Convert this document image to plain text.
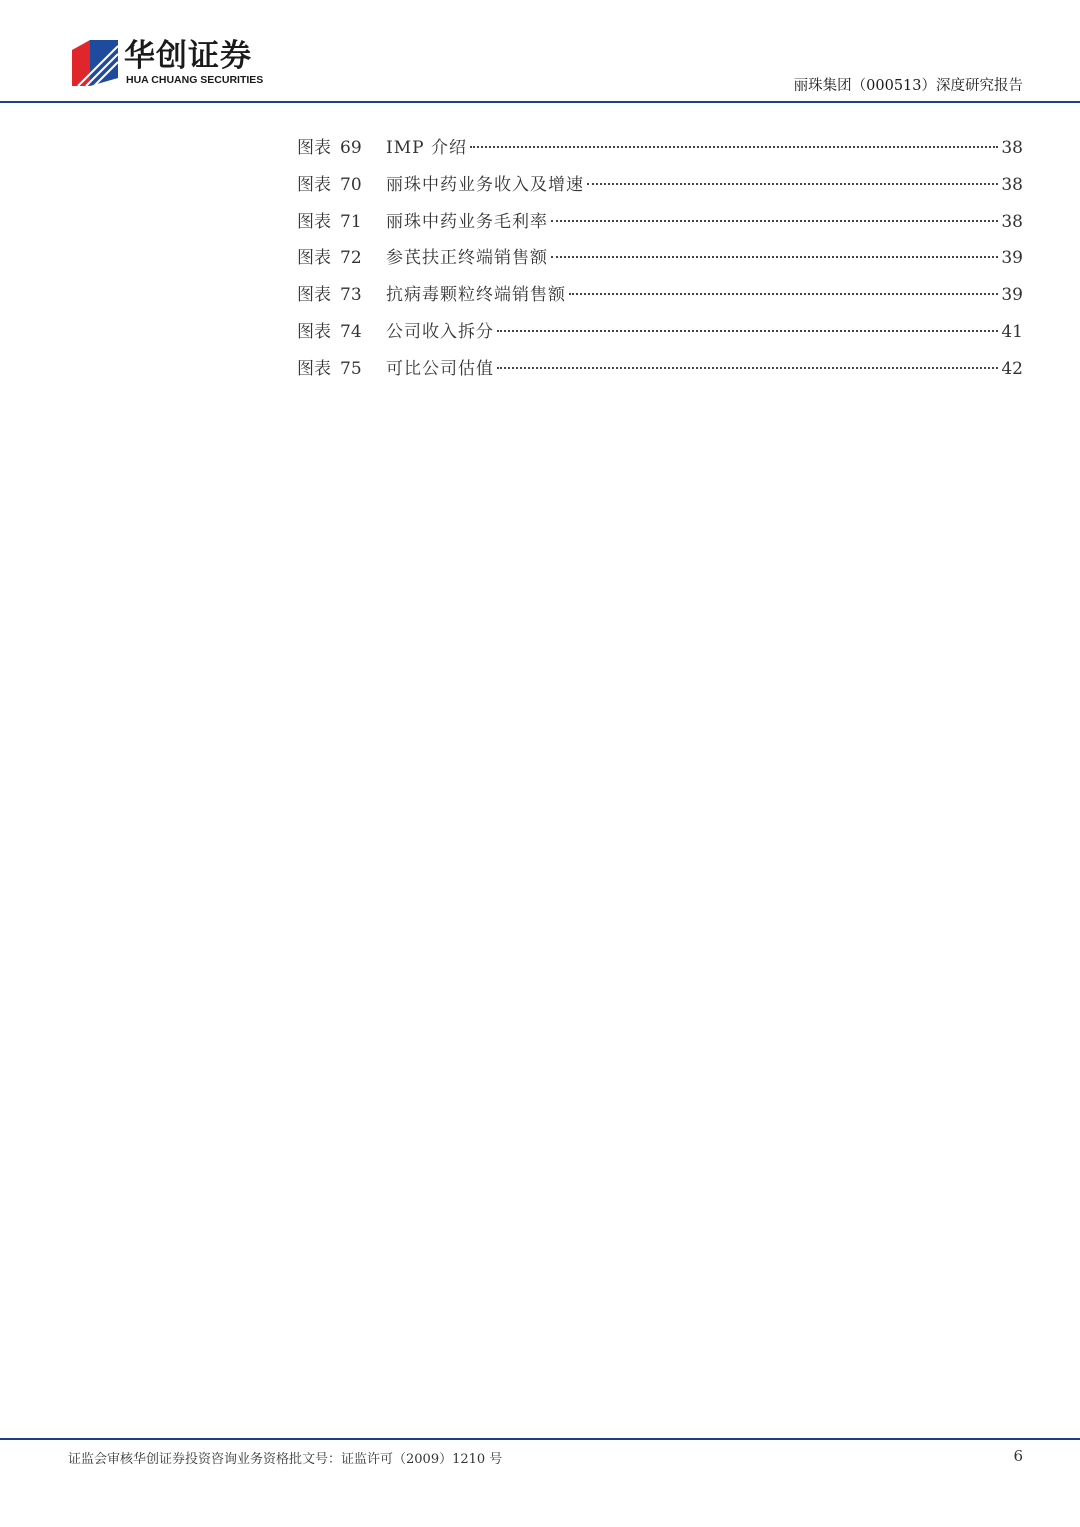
华创证券
HUA CHUANG SECURITIES	丽珠集团（000513）深度研究报告
图表 69 IMP 介绍	38
图表 70 丽珠中药业务收入及增速	38
图表 71 丽珠中药业务毛利率	38
图表 72 参芪扶正终端销售额	39
图表 73 抗病毒颗粒终端销售额	39
图表 74 公司收入拆分	41
图表 75 可比公司估值	42
证监会审核华创证券投资咨询业务资格批文号：证监许可（2009）1210 号	6
